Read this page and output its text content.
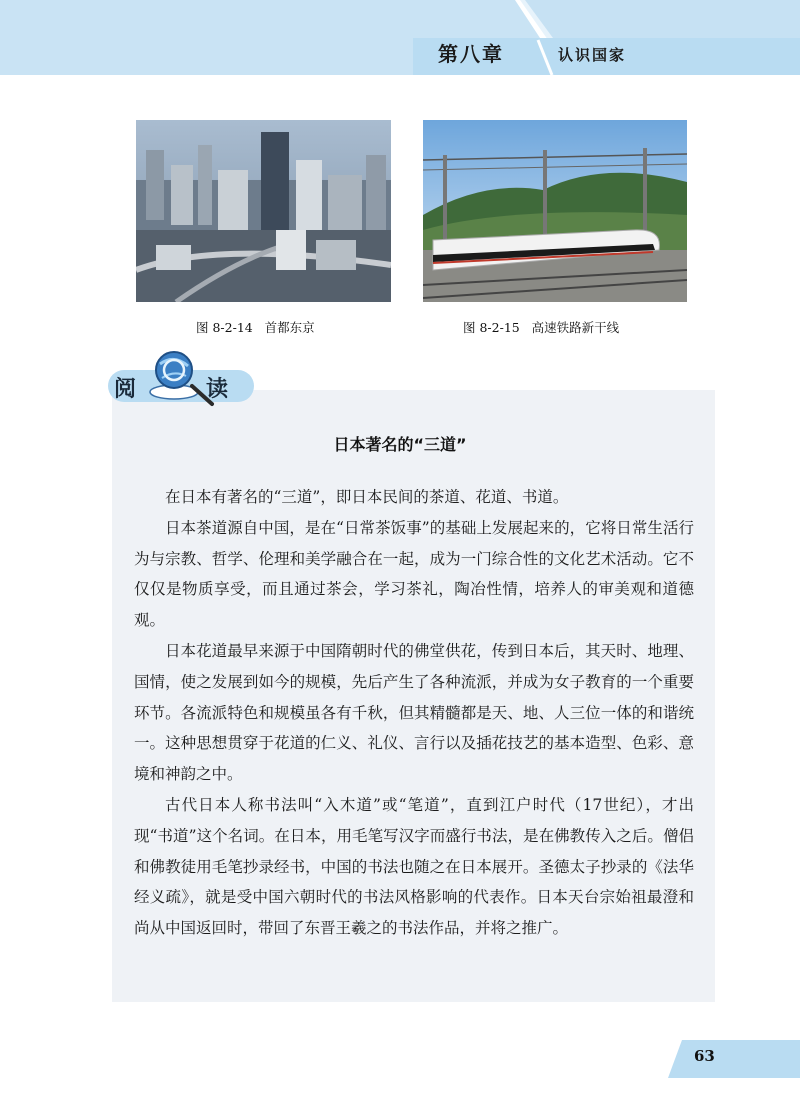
第八章	认识国家
图 8-2-14   首都东京	图 8-2-15   高速铁路新干线
阅	读
日本著名的“三道”

在日本有著名的“三道”，即日本民间的茶道、花道、书道。

日本茶道源自中国，是在“日常茶饭事”的基础上发展起来的，它将日常生活行为与宗教、哲学、伦理和美学融合在一起，成为一门综合性的文化艺术活动。它不仅仅是物质享受，而且通过茶会，学习茶礼，陶冶性情，培养人的审美观和道德观。

日本花道最早来源于中国隋朝时代的佛堂供花，传到日本后，其天时、地理、国情，使之发展到如今的规模，先后产生了各种流派，并成为女子教育的一个重要环节。各流派特色和规模虽各有千秋，但其精髓都是天、地、人三位一体的和谐统一。这种思想贯穿于花道的仁义、礼仪、言行以及插花技艺的基本造型、色彩、意境和神韵之中。

古代日本人称书法叫“入木道”或“笔道”，直到江户时代（17世纪），才出现“书道”这个名词。在日本，用毛笔写汉字而盛行书法，是在佛教传入之后。僧侣和佛教徒用毛笔抄录经书，中国的书法也随之在日本展开。圣德太子抄录的《法华经义疏》，就是受中国六朝时代的书法风格影响的代表作。日本天台宗始祖最澄和尚从中国返回时，带回了东晋王羲之的书法作品，并将之推广。

63
